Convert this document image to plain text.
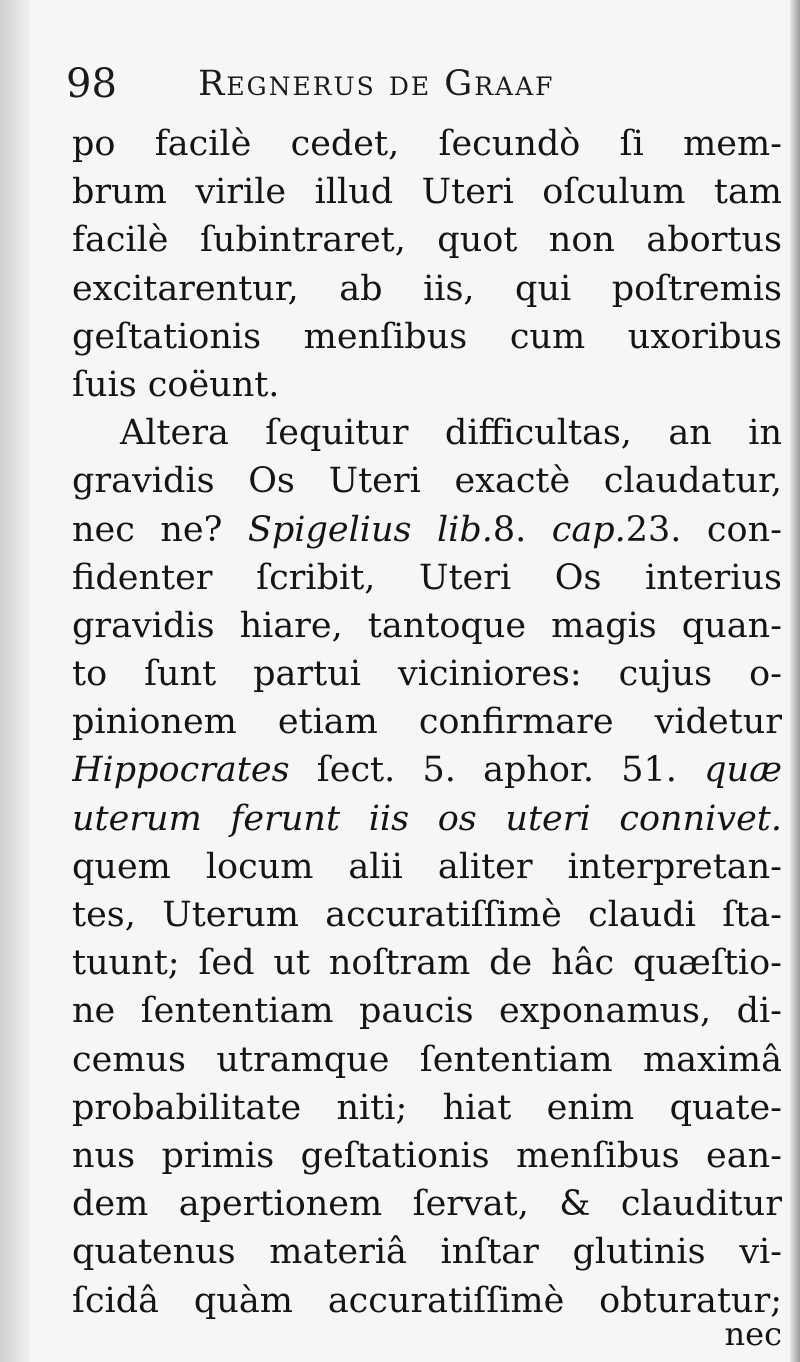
98 Regnerus de Graaf
po facilè cedet, ſecundò ſi mem-
brum virile illud Uteri oſculum tam
facilè ſubintraret, quot non abortus
excitarentur, ab iis, qui poſtremis
geſtationis menſibus cum uxoribus
ſuis coëunt.
Altera ſequitur difficultas, an in
gravidis Os Uteri exactè claudatur,
nec ne? Spigelius lib.8. cap.23. con-
fidenter ſcribit, Uteri Os interius
gravidis hiare, tantoque magis quan-
to ſunt partui viciniores: cujus o-
pinionem etiam confirmare videtur
Hippocrates ſect. 5. aphor. 51. quæ
uterum ferunt iis os uteri connivet.
quem locum alii aliter interpretan-
tes, Uterum accuratiſſimè claudi ſta-
tuunt; ſed ut noſtram de hâc quæſtio-
ne ſententiam paucis exponamus, di-
cemus utramque ſententiam maximâ
probabilitate niti; hiat enim quate-
nus primis geſtationis menſibus ean-
dem apertionem ſervat, & clauditur
quatenus materiâ inſtar glutinis vi-
ſcidâ quàm accuratiſſimè obturatur;
nec
